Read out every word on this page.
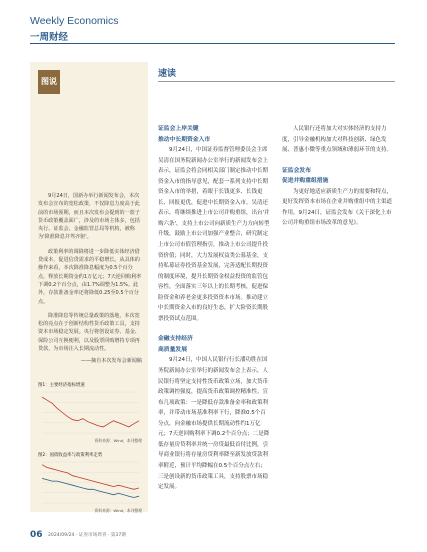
Weekly Economics
一周财经
图说

9月24日，国新办举行新闻发布会，本次发布会宣布的宽松政策，不仅降息力度高于此前的市场预期，而且本次发布会提到的一篮子货币政策覆盖面广，涉及的市场主体多，包括央行、证监会、金融监管总局等机构，被称为'降准降息并驾齐驱'。

政策利率的调降将进一步降低实体经济借贷成本，促进信贷需求的平稳增长。从具体的操作来看，本次降准降息幅度为0.5个百分点，释放长期资金约1万亿元；7天逆回购利率下调0.2个百分点，由1.7%调整为1.5%。此外，存款准备金率还将降低0.25至0.5个百分点。

降准降息等传统总量政策的落地，本次宽松的亮点在于创新结构性货币政策工具，支持资本市场稳定发展。央行将创设证券、基金、保险公司互换便利，以及股票回购增持专项再贷款，为市场注入长期流动性。

——摘自本次发布会新闻稿
图1：主要经济指标增速
资料来源：Wind，本刊整理
图2：国债收益率与政策利率走势
资料来源：Wind，本刊整理
速读
证监会上岸关键
推动中长期资金入市

9月24日，中国证券监督管理委员会主席吴清在国务院新闻办公室举行的新闻发布会上表示，证监会将会同相关部门制定推动中长期资金入市的指导意见，配套一系列支持中长期资金入市的举措，着眼于长钱更多、长钱更长、回报更优，促进中长期资金入市。吴清还表示，将继续推进上市公司并购重组，出台'并购六条'，支持上市公司向新质生产力方向转型升级，鼓励上市公司加强产业整合，研究制定上市公司市值管理指引，推动上市公司提升投资价值；同时，大力发展权益类公募基金，支持私募证券投资基金发展，完善适配长期投资的制度环境，提升长期资金权益投资的监管包容性，全面落实三年以上的长期考核，促进保险资金和养老金更多投资资本市场。推动建立中长期资金入市的良好生态，扩大险资长期股票投资试点范围。

金融支持经济
高质量发展

9月24日，中国人民银行行长潘功胜在国务院新闻办公室举行的新闻发布会上表示，人民银行将坚定支持性货币政策立场，加大货币政策调控强度，提高货币政策调控精准性。宣布几项政策：一是降低存款准备金率和政策利率，并带动市场基准利率下行，降准0.5个百分点，向金融市场提供长期流动性约1万亿元；7天逆回购利率下调0.2个百分点；二是降低存量房贷利率并统一房贷最低首付比例，引导商业银行将存量房贷利率降至新发放贷款利率附近，预计平均降幅在0.5个百分点左右；三是创设新的货币政策工具，支持股票市场稳定发展。

人民银行还将加大对实体经济的支持力度，引导金融机构加大对科技创新、绿色发展、普惠小微等重点领域和薄弱环节的支持。

证监会发布
促进并购重组措施

为更好地适应新质生产力的需要和特点，更好发挥资本市场在企业并购重组中的主渠道作用，9月24日，证监会发布《关于深化上市公司并购重组市场改革的意见》。

06 2024/09/24 · 证券市场周刊 · 第37期
